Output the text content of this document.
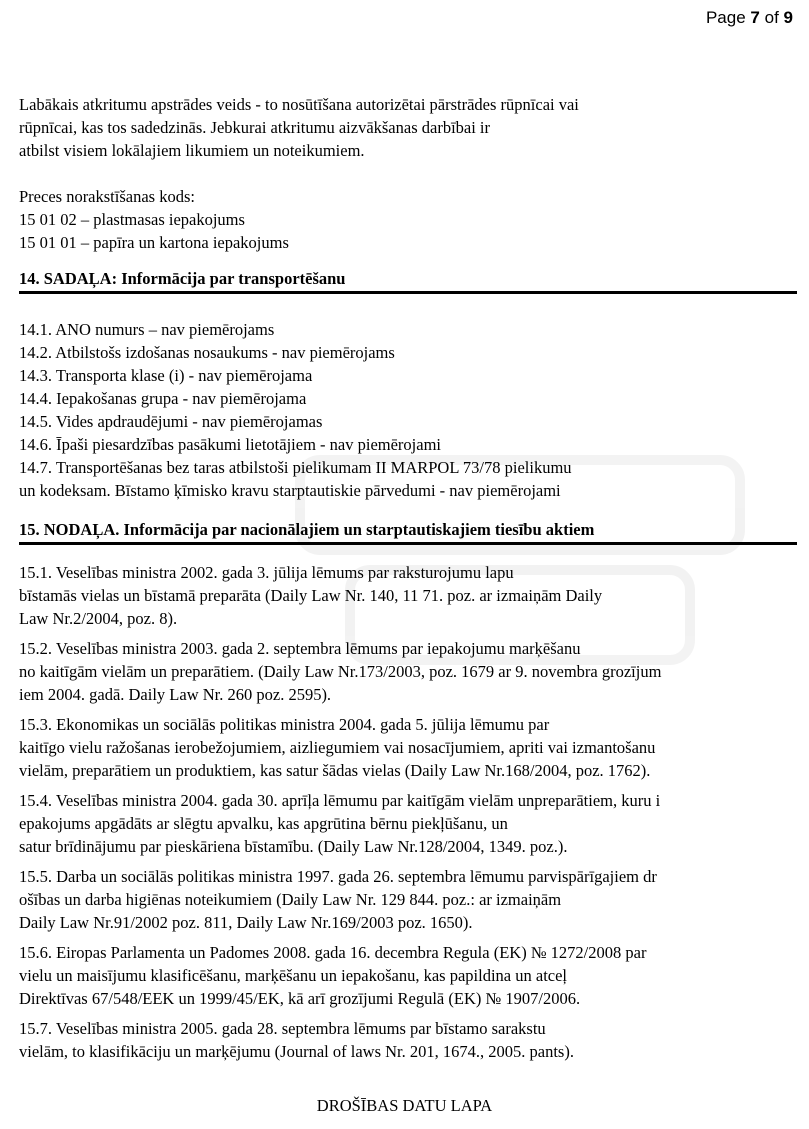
Page 7 of 9
Labākais atkritumu apstrādes veids - to nosūtīšana autorizētai pārstrādes rūpnīcai vai
rūpnīcai, kas tos sadedzinās. Jebkurai atkritumu aizvākšanas darbībai ir
atbilst visiem lokālajiem likumiem un noteikumiem.
Preces norakstīšanas kods:
15 01 02 – plastmasas iepakojums
15 01 01 – papīra un kartona iepakojums
14. SADAĻA: Informācija par transportēšanu
14.1. ANO numurs – nav piemērojams
14.2. Atbilstošs izdošanas nosaukums - nav piemērojams
14.3. Transporta klase (i) - nav piemērojama
14.4. Iepakošanas grupa - nav piemērojama
14.5. Vides apdraudējumi - nav piemērojamas
14.6. Īpaši piesardzības pasākumi lietotājiem - nav piemērojami
14.7. Transportēšanas bez taras atbilstoši pielikumam II MARPOL 73/78 pielikumu
un kodeksam. Bīstamo ķīmisko kravu starptautiskie pārvedumi - nav piemērojami
15. NODAĻA. Informācija par nacionālajiem un starptautiskajiem tiesību aktiem
15.1. Veselības ministra 2002. gada 3. jūlija lēmums par raksturojumu lapu
bīstamās vielas un bīstamā preparāta (Daily Law Nr. 140, 11 71. poz. ar izmaiņām Daily
Law Nr.2/2004, poz. 8).
15.2. Veselības ministra 2003. gada 2. septembra lēmums par iepakojumu marķēšanu
no kaitīgām vielām un preparātiem. (Daily Law Nr.173/2003, poz. 1679 ar 9. novembra grozījum
iem 2004. gadā. Daily Law Nr. 260 poz. 2595).
15.3. Ekonomikas un sociālās politikas ministra 2004. gada 5. jūlija lēmumu par
kaitīgo vielu ražošanas ierobežojumiem, aizliegumiem vai nosacījumiem, apriti vai izmantošanu
vielām, preparātiem un produktiem, kas satur šādas vielas (Daily Law Nr.168/2004, poz. 1762).
15.4. Veselības ministra 2004. gada 30. aprīļa lēmumu par kaitīgām vielām unpreparātiem, kuru i
epakojums apgādāts ar slēgtu apvalku, kas apgrūtina bērnu piekļūšanu, un
satur brīdinājumu par pieskāriena bīstamību. (Daily Law Nr.128/2004, 1349. poz.).
15.5. Darba un sociālās politikas ministra 1997. gada 26. septembra lēmumu parvispārīgajiem dr
ošības un darba higiēnas noteikumiem (Daily Law Nr. 129 844. poz.: ar izmaiņām
Daily Law Nr.91/2002 poz. 811, Daily Law Nr.169/2003 poz. 1650).
15.6. Eiropas Parlamenta un Padomes 2008. gada 16. decembra Regula (EK) № 1272/2008 par
vielu un maisījumu klasificēšanu, marķēšanu un iepakošanu, kas papildina un atceļ
Direktīvas 67/548/EEK un 1999/45/EK, kā arī grozījumi Regulā (EK) № 1907/2006.
15.7. Veselības ministra 2005. gada 28. septembra lēmums par bīstamo sarakstu
vielām, to klasifikāciju un marķējumu (Journal of laws Nr. 201, 1674., 2005. pants).
DROŠĪBAS DATU LAPA
